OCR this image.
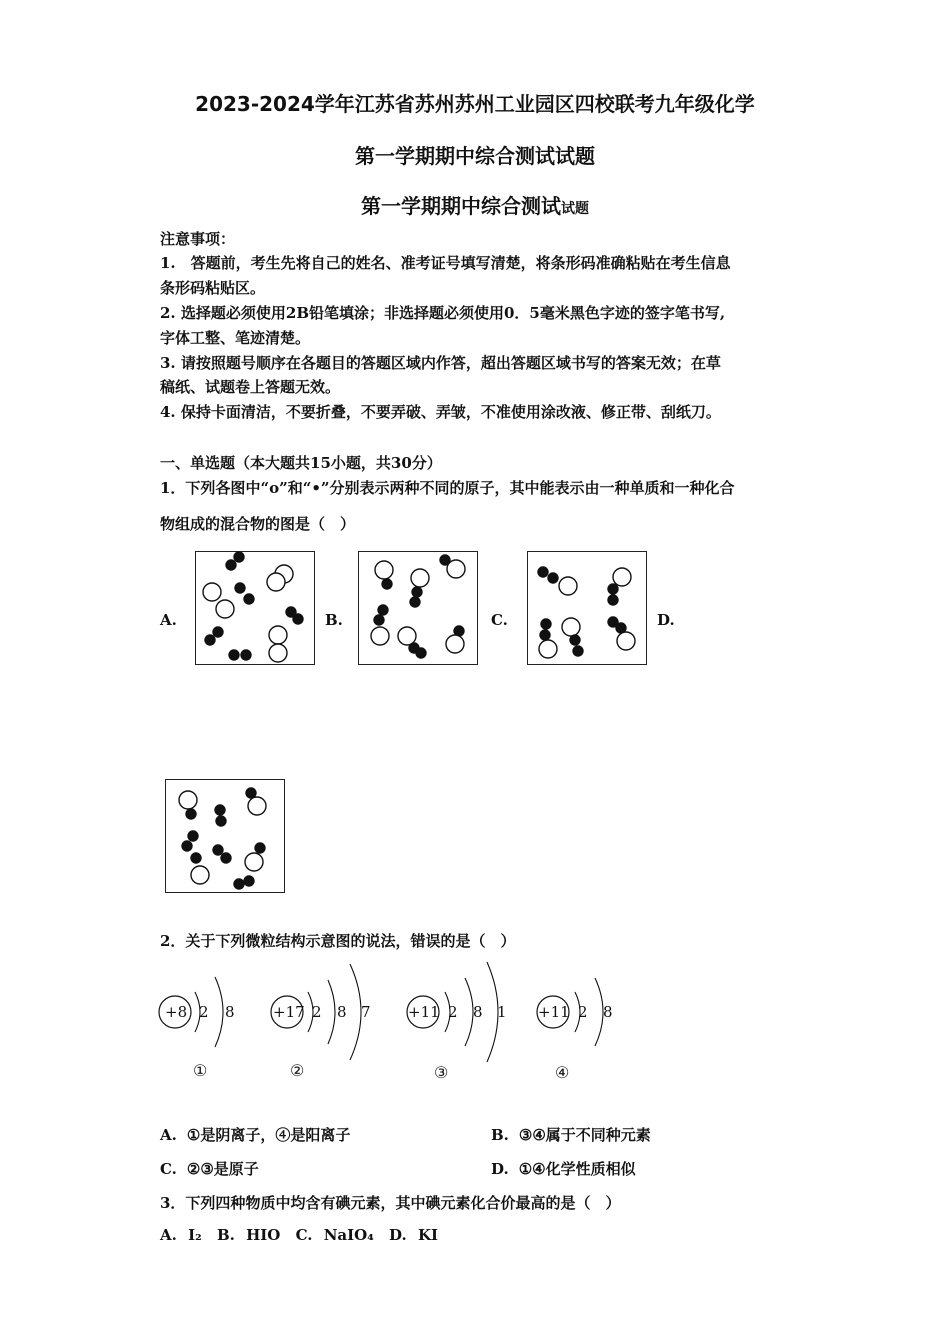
2023-2024学年江苏省苏州苏州工业园区四校联考九年级化学
第一学期期中综合测试试题
第一学期期中综合测试试题
注意事项：
1.　答题前，考生先将自己的姓名、准考证号填写清楚，将条形码准确粘贴在考生信息
条形码粘贴区。
2. 选择题必须使用2B铅笔填涂；非选择题必须使用0．5毫米黑色字迹的签字笔书写,
字体工整、笔迹清楚。
3. 请按照题号顺序在各题目的答题区域内作答，超出答题区域书写的答案无效；在草
稿纸、试题卷上答题无效。
4. 保持卡面清洁，不要折叠，不要弄破、弄皱，不准使用涂改液、修正带、刮纸刀。
一、单选题（本大题共15小题，共30分）
1．下列各图中“o”和“•”分别表示两种不同的原子，其中能表示由一种单质和一种化合
物组成的混合物的图是（　）
A.	B.	C.	D.
2．关于下列微粒结构示意图的说法，错误的是（　）
+8 2 8
①
+17 2 8 7
②
+11 2 8 1
③
+11 2 8
④
A. ①是阴离子，④是阳离子	B. ③④属于不同种元素
C. ②③是原子	D. ①④化学性质相似
3．下列四种物质中均含有碘元素，其中碘元素化合价最高的是（　）
A. I₂ B. HIO C. NaIO₄ D. KI
